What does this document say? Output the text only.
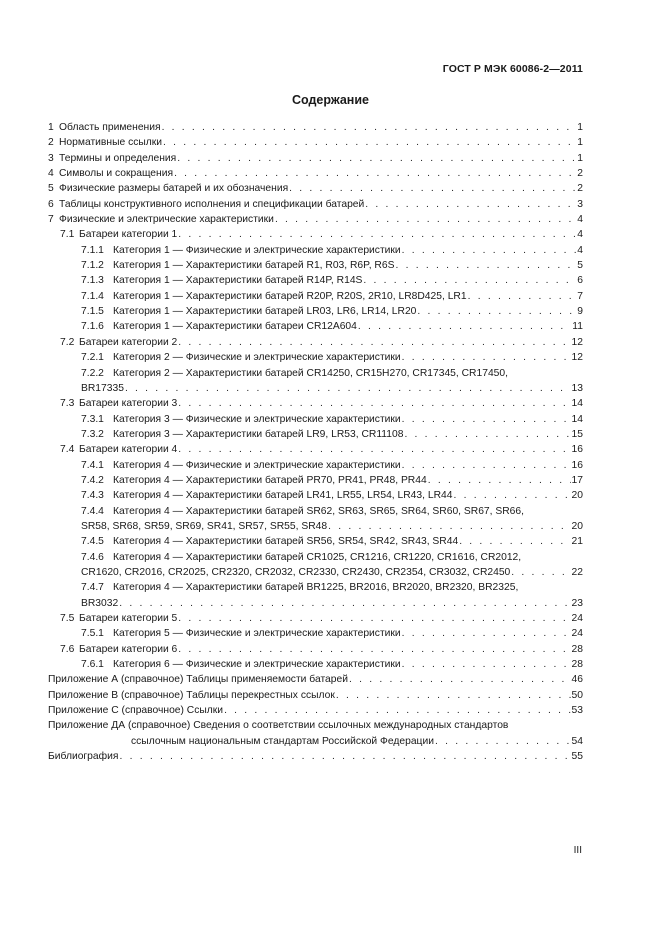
ГОСТ Р МЭК 60086-2—2011
Содержание
1 Область применения . . .	1
2 Нормативные ссылки . . .	1
3 Термины и определения . . .	1
4 Символы и сокращения . . .	2
5 Физические размеры батарей и их обозначения . . .	2
6 Таблицы конструктивного исполнения и спецификации батарей . . .	3
7 Физические и электрические характеристики . . .	4
7.1 Батареи категории 1 . . .	4
7.1.1 Категория 1 — Физические и электрические характеристики . . .	4
7.1.2 Категория 1 — Характеристики батарей R1, R03, R6P, R6S . . .	5
7.1.3 Категория 1 — Характеристики батарей R14P, R14S . . .	6
7.1.4 Категория 1 — Характеристики батарей R20P, R20S, 2R10, LR8D425, LR1 . . .	7
7.1.5 Категория 1 — Характеристики батарей LR03, LR6, LR14, LR20 . . .	9
7.1.6 Категория 1 — Характеристики батареи CR12A604 . . .	11
7.2 Батареи категории 2 . . .	12
7.2.1 Категория 2 — Физические и электрические характеристики . . .	12
7.2.2 Категория 2 — Характеристики батарей CR14250, CR15H270, CR17345, CR17450,
BR17335 . . .	13
7.3 Батареи категории 3 . . .	14
7.3.1 Категория 3 — Физические и электрические характеристики . . .	14
7.3.2 Категория 3 — Характеристики батарей LR9, LR53, CR11108 . . .	15
7.4 Батареи категории 4 . . .	16
7.4.1 Категория 4 — Физические и электрические характеристики . . .	16
7.4.2 Категория 4 — Характеристики батарей PR70, PR41, PR48, PR44 . . .	17
7.4.3 Категория 4 — Характеристики батарей LR41, LR55, LR54, LR43, LR44 . . .	20
7.4.4 Категория 4 — Характеристики батарей SR62, SR63, SR65, SR64, SR60, SR67, SR66,
SR58, SR68, SR59, SR69, SR41, SR57, SR55, SR48 . . .	20
7.4.5 Категория 4 — Характеристики батарей SR56, SR54, SR42, SR43, SR44 . . .	21
7.4.6 Категория 4 — Характеристики батарей CR1025, CR1216, CR1220, CR1616, CR2012,
CR1620, CR2016, CR2025, CR2320, CR2032, CR2330, CR2430, CR2354, CR3032, CR2450 . . .	22
7.4.7 Категория 4 — Характеристики батарей BR1225, BR2016, BR2020, BR2320, BR2325,
BR3032 . . .	23
7.5 Батареи категории 5 . . .	24
7.5.1 Категория 5 — Физические и электрические характеристики . . .	24
7.6 Батареи категории 6 . . .	28
7.6.1 Категория 6 — Физические и электрические характеристики . . .	28
Приложение А (справочное) Таблицы применяемости батарей . . .	46
Приложение В (справочное) Таблицы перекрестных ссылок . . .	50
Приложение С (справочное) Ссылки . . .	53
Приложение ДА (справочное) Сведения о соответствии ссылочных международных стандартов
ссылочным национальным стандартам Российской Федерации . . .	54
Библиография . . .	55
III
